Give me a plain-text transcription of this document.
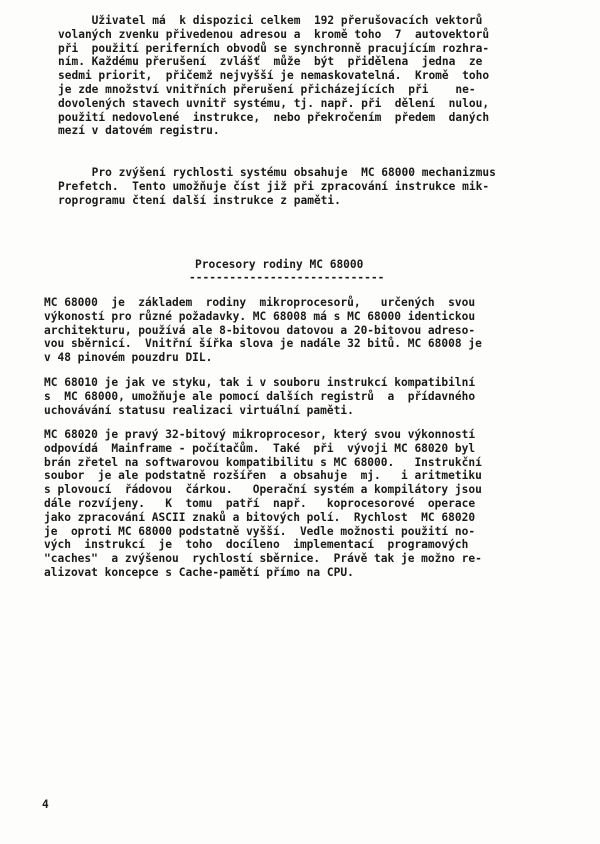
Uživatel má  k dispozici celkem  192 přerušovacích vektorů
volaných zvenku přivedenou adresou a  kromě toho  7  autovektorů
při  použití periferních obvodů se synchronně pracujícím rozhra-
ním. Každému přerušení  zvlášť  může  být  přidělena  jedna  ze
sedmi priorit,  přičemž nejvyšší je nemaskovatelná.  Kromě  toho
je zde množství vnitřních přerušení přicházejících  při    ne-
dovolených stavech uvnitř systému, tj. např. při  dělení  nulou,
použití nedovolené  instrukce,  nebo překročením  předem  daných
mezí v datovém registru.
Pro zvýšení rychlosti systému obsahuje  MC 68000 mechanizmus
Prefetch.  Tento umožňuje číst již při zpracování instrukce mik-
roprogramu čtení další instrukce z paměti.
Procesory rodiny MC 68000
-----------------------------
MC 68000  je  základem  rodiny  mikroprocesorů,   určených  svou
výkoností pro různé požadavky. MC 68008 má s MC 68000 identickou
architekturu, používá ale 8-bitovou datovou a 20-bitovou adreso-
vou sběrnicí.  Vnitřní šířka slova je nadále 32 bitů. MC 68008 je
v 48 pinovém pouzdru DIL.
MC 68010 je jak ve styku, tak i v souboru instrukcí kompatibilní
s  MC 68000, umožňuje ale pomocí dalších registrů  a  přídavného
uchovávání statusu realizaci virtuální paměti.
MC 68020 je pravý 32-bitový mikroprocesor, který svou výkonností
odpovídá  Mainframe - počítačům.  Také  při  vývoji MC 68020 byl
brán zřetel na softwarovou kompatibilitu s MC 68000.   Instrukční
soubor  je ale podstatně rozšířen  a obsahuje  mj.   i aritmetiku
s plovoucí  řádovou  čárkou.   Operační systém a kompilátory jsou
dále rozvíjeny.   K  tomu  patří  např.   koprocesorové  operace
jako zpracování ASCII znaků a bitových polí.  Rychlost  MC 68020
je  oproti MC 68000 podstatně vyšší.  Vedle možnosti použití no-
vých  instrukcí  je  toho  docíleno  implementací  programových
"caches"  a zvýšenou  rychlostí sběrnice.  Právě tak je možno re-
alizovat koncepce s Cache-pamětí přímo na CPU.
4
